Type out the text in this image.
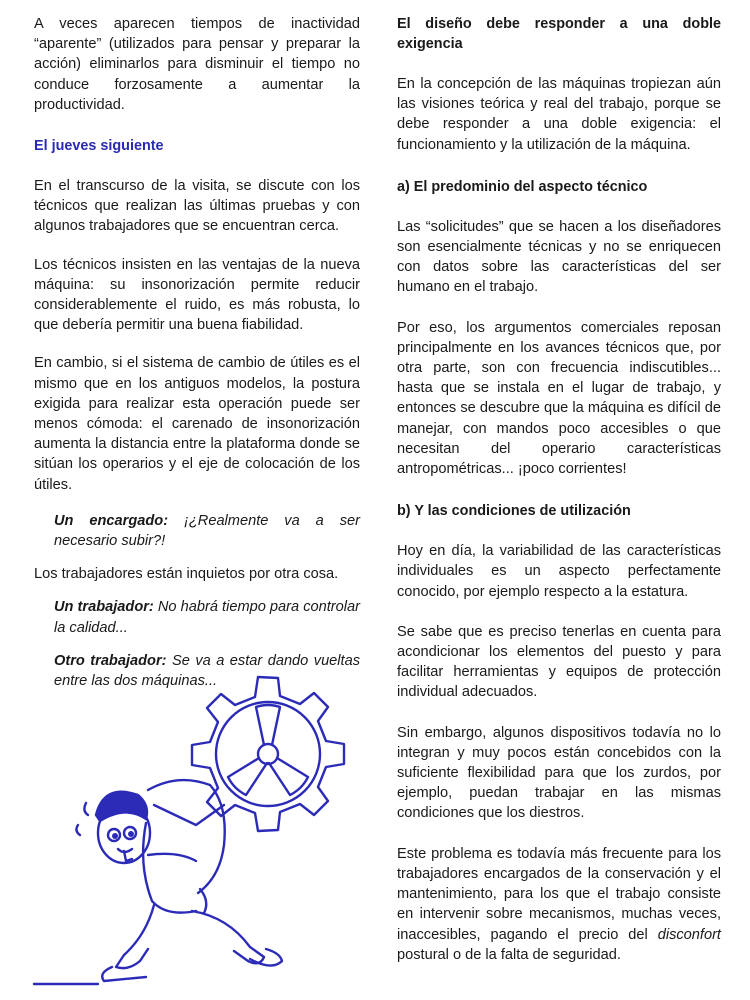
A veces aparecen tiempos de inactividad “aparente” (utilizados para pensar y preparar la acción) eliminarlos para disminuir el tiempo no conduce forzosamente a aumentar la productividad.

El jueves siguiente

En el transcurso de la visita, se discute con los técnicos que realizan las últimas pruebas y con algunos trabajadores que se encuentran cerca.

Los técnicos insisten en las ventajas de la nueva máquina: su insonorización permite reducir considerablemente el ruido, es más robusta, lo que debería permitir una buena fiabilidad.

En cambio, si el sistema de cambio de útiles es el mismo que en los antiguos modelos, la postura exigida para realizar esta operación puede ser menos cómoda: el carenado de insonorización aumenta la distancia entre la plataforma donde se sitúan los operarios y el eje de colocación de los útiles.

Un encargado: ¡¿Realmente va a ser necesario subir?!

Los trabajadores están inquietos por otra cosa.

Un trabajador: No habrá tiempo para controlar la calidad...

Otro trabajador: Se va a estar dando vueltas entre las dos máquinas...

El diseño debe responder a una doble exigencia

En la concepción de las máquinas tropiezan aún las visiones teórica y real del trabajo, porque se debe responder a una doble exigencia: el funcionamiento y la utilización de la máquina.

a) El predominio del aspecto técnico

Las “solicitudes” que se hacen a los diseñadores son esencialmente técnicas y no se enriquecen con datos sobre las características del ser humano en el trabajo.

Por eso, los argumentos comerciales reposan principalmente en los avances técnicos que, por otra parte, son con frecuencia indiscutibles... hasta que se instala en el lugar de trabajo, y entonces se descubre que la máquina es difícil de manejar, con mandos poco accesibles o que necesitan del operario características antropométricas... ¡poco corrientes!

b) Y las condiciones de utilización

Hoy en día, la variabilidad de las características individuales es un aspecto perfectamente conocido, por ejemplo respecto a la estatura.

Se sabe que es preciso tenerlas en cuenta para acondicionar los elementos del puesto y para facilitar herramientas y equipos de protección individual adecuados.

Sin embargo, algunos dispositivos todavía no lo integran y muy pocos están concebidos con la suficiente flexibilidad para que los zurdos, por ejemplo, puedan trabajar en las mismas condiciones que los diestros.

Este problema es todavía más frecuente para los trabajadores encargados de la conservación y el mantenimiento, para los que el trabajo consiste en intervenir sobre mecanismos, muchas veces, inaccesibles, pagando el precio del disconfort postural o de la falta de seguridad.
